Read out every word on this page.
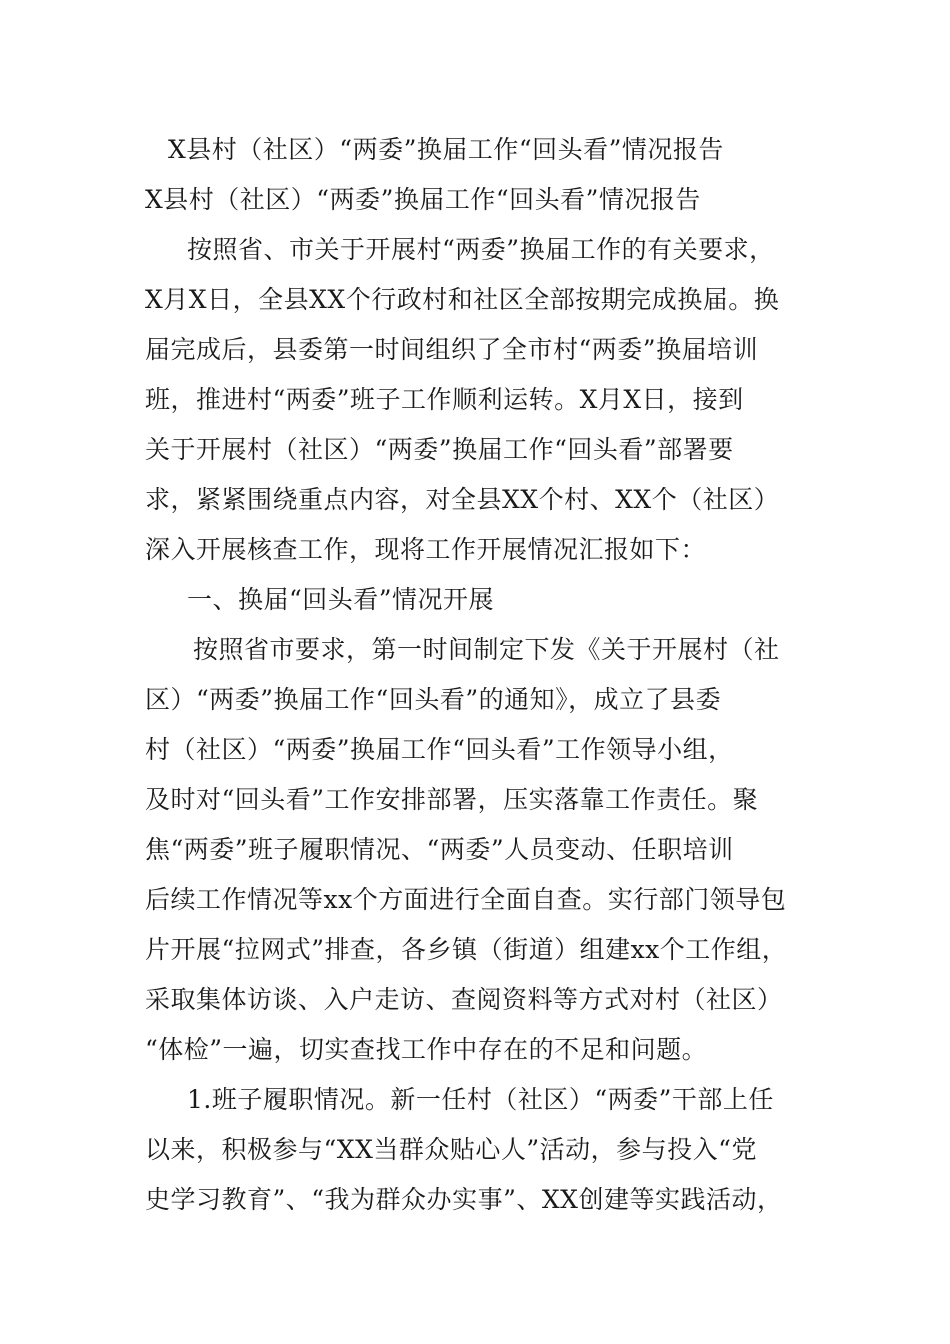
X县村（社区）“两委”换届工作“回头看”情况报告
X县村（社区）“两委”换届工作“回头看”情况报告
按照省、市关于开展村“两委”换届工作的有关要求，
X月X日，全县XX个行政村和社区全部按期完成换届。换
届完成后，县委第一时间组织了全市村“两委”换届培训
班，推进村“两委”班子工作顺利运转。X月X日，接到
关于开展村（社区）“两委”换届工作“回头看”部署要
求，紧紧围绕重点内容，对全县XX个村、XX个（社区）
深入开展核查工作，现将工作开展情况汇报如下：
一、换届“回头看”情况开展
按照省市要求，第一时间制定下发《关于开展村（社
区）“两委”换届工作“回头看”的通知》，成立了县委
村（社区）“两委”换届工作“回头看”工作领导小组，
及时对“回头看”工作安排部署，压实落靠工作责任。聚
焦“两委”班子履职情况、“两委”人员变动、任职培训
后续工作情况等xx个方面进行全面自查。实行部门领导包
片开展“拉网式”排查，各乡镇（街道）组建xx个工作组，
采取集体访谈、入户走访、查阅资料等方式对村（社区）
“体检”一遍，切实查找工作中存在的不足和问题。
1.班子履职情况。新一任村（社区）“两委”干部上任
以来，积极参与“XX当群众贴心人”活动，参与投入“党
史学习教育”、“我为群众办实事”、XX创建等实践活动，
